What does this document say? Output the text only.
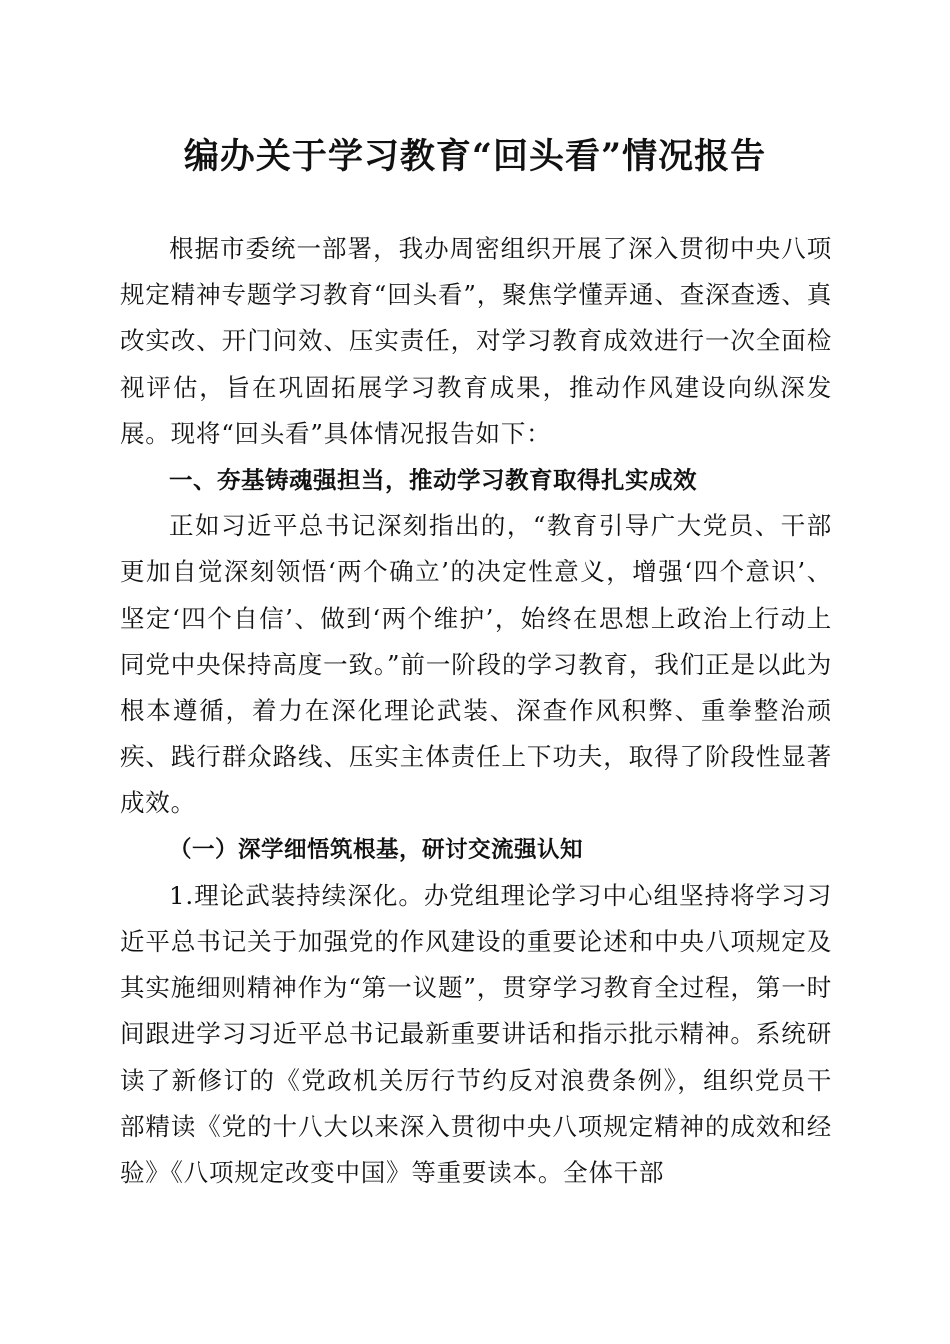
编办关于学习教育“回头看”情况报告

根据市委统一部署，我办周密组织开展了深入贯彻中央八项规定精神专题学习教育“回头看”，聚焦学懂弄通、查深查透、真改实改、开门问效、压实责任，对学习教育成效进行一次全面检视评估，旨在巩固拓展学习教育成果，推动作风建设向纵深发展。现将“回头看”具体情况报告如下：

一、夯基铸魂强担当，推动学习教育取得扎实成效

正如习近平总书记深刻指出的，“教育引导广大党员、干部更加自觉深刻领悟‘两个确立’的决定性意义，增强‘四个意识’、坚定‘四个自信’、做到‘两个维护’，始终在思想上政治上行动上同党中央保持高度一致。”前一阶段的学习教育，我们正是以此为根本遵循，着力在深化理论武装、深查作风积弊、重拳整治顽疾、践行群众路线、压实主体责任上下功夫，取得了阶段性显著成效。

（一）深学细悟筑根基，研讨交流强认知

1.理论武装持续深化。办党组理论学习中心组坚持将学习习近平总书记关于加强党的作风建设的重要论述和中央八项规定及其实施细则精神作为“第一议题”，贯穿学习教育全过程，第一时间跟进学习习近平总书记最新重要讲话和指示批示精神。系统研读了新修订的《党政机关厉行节约反对浪费条例》，组织党员干部精读《党的十八大以来深入贯彻中央八项规定精神的成效和经验》《八项规定改变中国》等重要读本。全体干部
